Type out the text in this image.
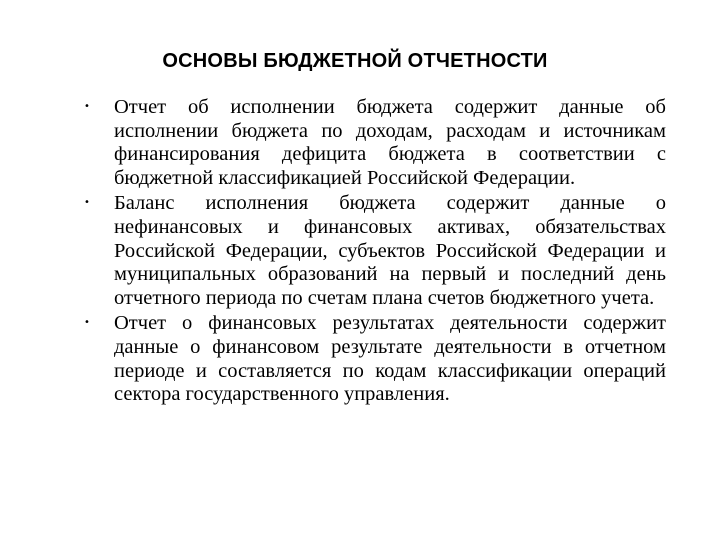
ОСНОВЫ БЮДЖЕТНОЙ ОТЧЕТНОСТИ
• Отчет об исполнении бюджета содержит данные об исполнении бюджета по доходам, расходам и источникам финансирования дефицита бюджета в соответствии с бюджетной классификацией Российской Федерации.
• Баланс исполнения бюджета содержит данные о нефинансовых и финансовых активах, обязательствах Российской Федерации, субъектов Российской Федерации и муниципальных образований на первый и последний день отчетного периода по счетам плана счетов бюджетного учета.
• Отчет о финансовых результатах деятельности содержит данные о финансовом результате деятельности в отчетном периоде и составляется по кодам классификации операций сектора государственного управления.
